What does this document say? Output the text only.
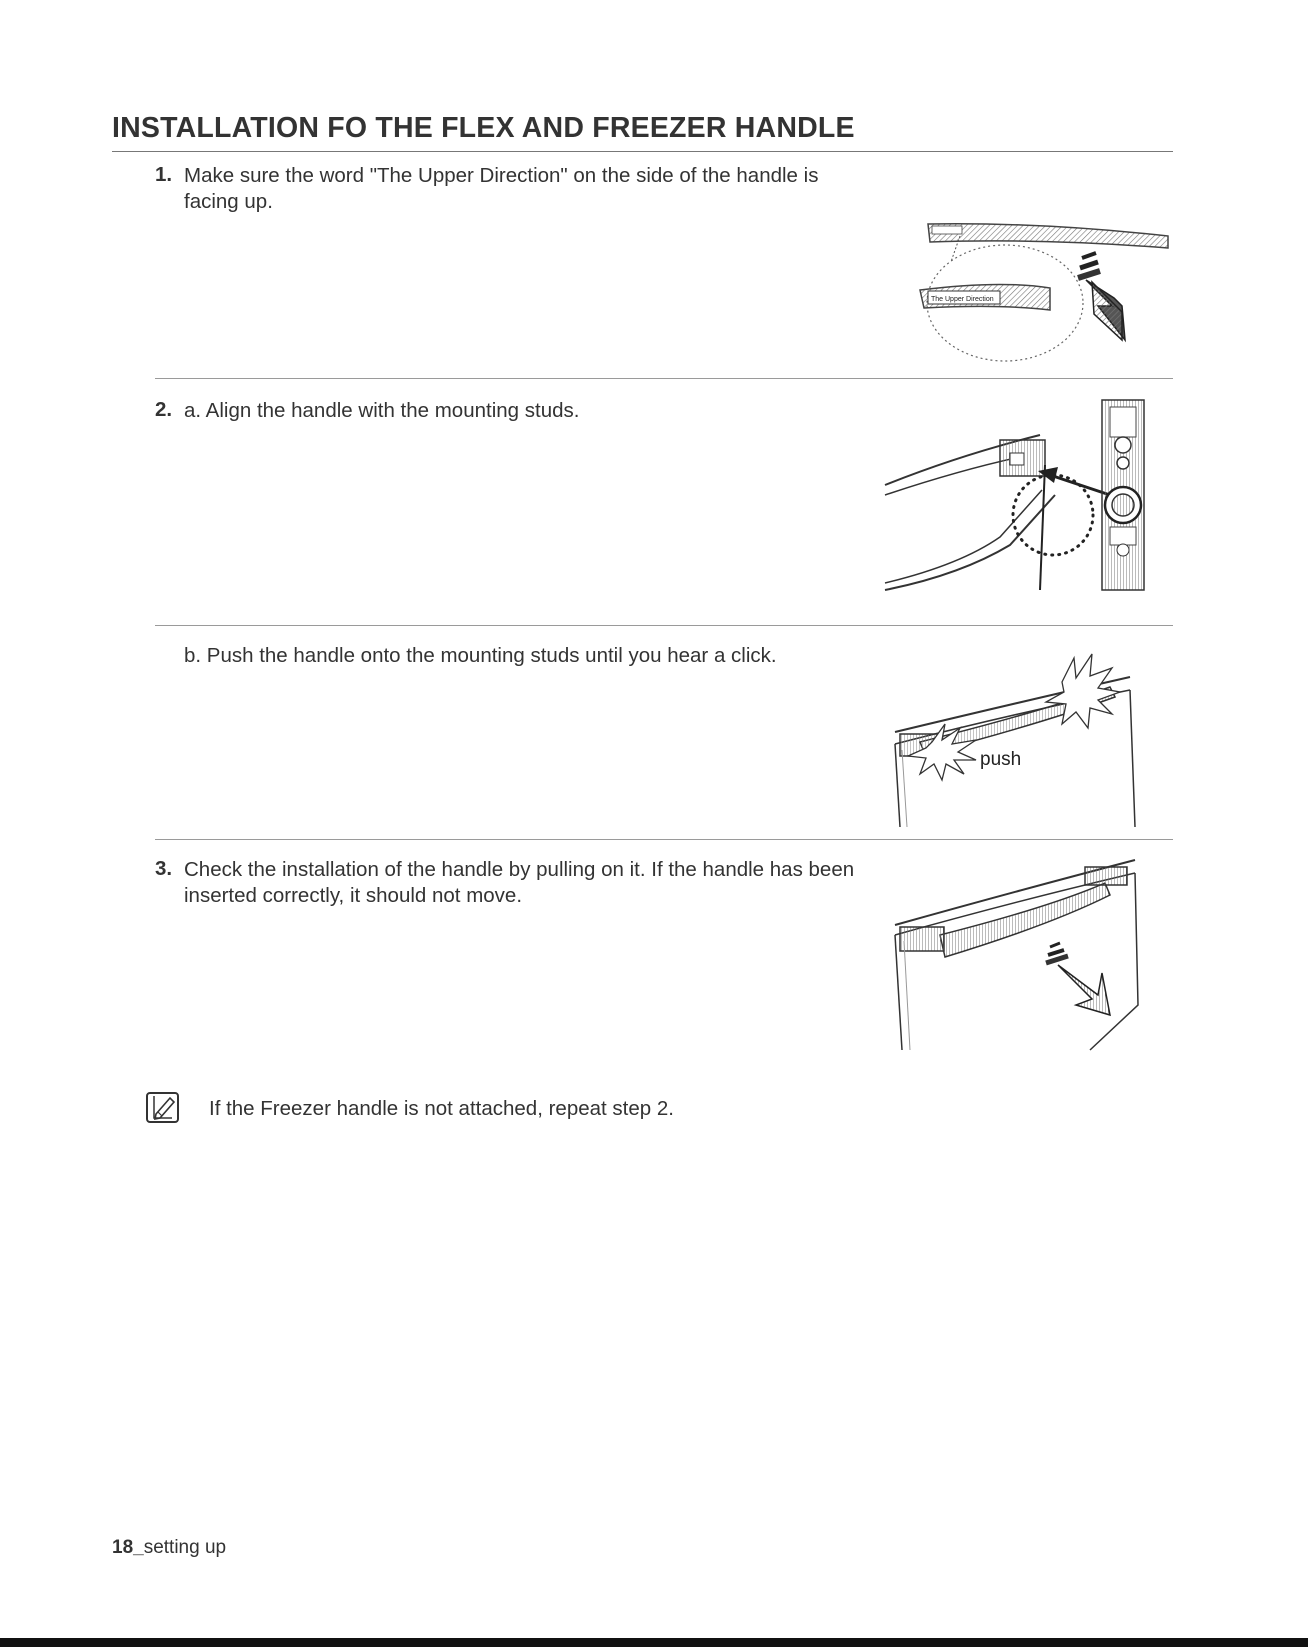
INSTALLATION FO THE FLEX AND FREEZER HANDLE
1. Make sure the word "The Upper Direction" on the side of the handle is
facing up.
The Upper Direction
2. a. Align the handle with the mounting studs.
b. Push the handle onto the mounting studs until you hear a click.
push
3. Check the installation of the handle by pulling on it. If the handle has been
inserted correctly, it should not move.
If the Freezer handle is not attached, repeat step 2.
18_setting up
